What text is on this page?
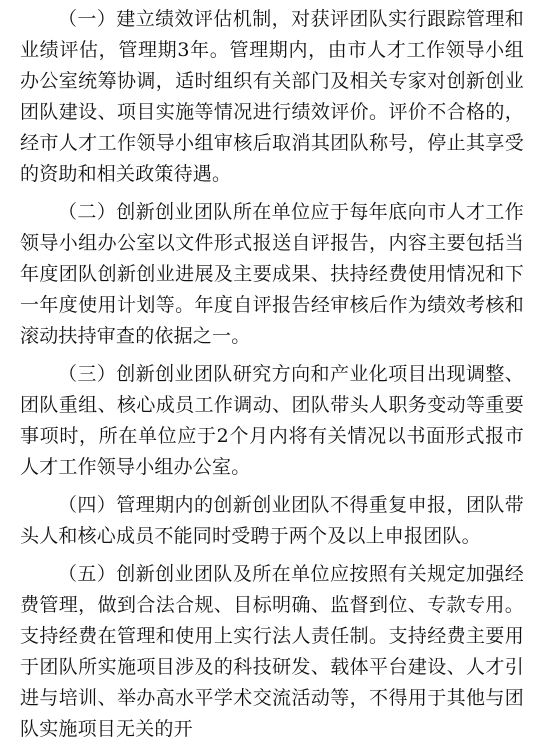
（一）建立绩效评估机制，对获评团队实行跟踪管理和业绩评估，管理期3年。管理期内，由市人才工作领导小组办公室统筹协调，适时组织有关部门及相关专家对创新创业团队建设、项目实施等情况进行绩效评价。评价不合格的，经市人才工作领导小组审核后取消其团队称号，停止其享受的资助和相关政策待遇。

（二）创新创业团队所在单位应于每年底向市人才工作领导小组办公室以文件形式报送自评报告，内容主要包括当年度团队创新创业进展及主要成果、扶持经费使用情况和下一年度使用计划等。年度自评报告经审核后作为绩效考核和滚动扶持审查的依据之一。

（三）创新创业团队研究方向和产业化项目出现调整、团队重组、核心成员工作调动、团队带头人职务变动等重要事项时，所在单位应于2个月内将有关情况以书面形式报市人才工作领导小组办公室。

（四）管理期内的创新创业团队不得重复申报，团队带头人和核心成员不能同时受聘于两个及以上申报团队。

（五）创新创业团队及所在单位应按照有关规定加强经费管理，做到合法合规、目标明确、监督到位、专款专用。支持经费在管理和使用上实行法人责任制。支持经费主要用于团队所实施项目涉及的科技研发、载体平台建设、人才引进与培训、举办高水平学术交流活动等，不得用于其他与团队实施项目无关的开
